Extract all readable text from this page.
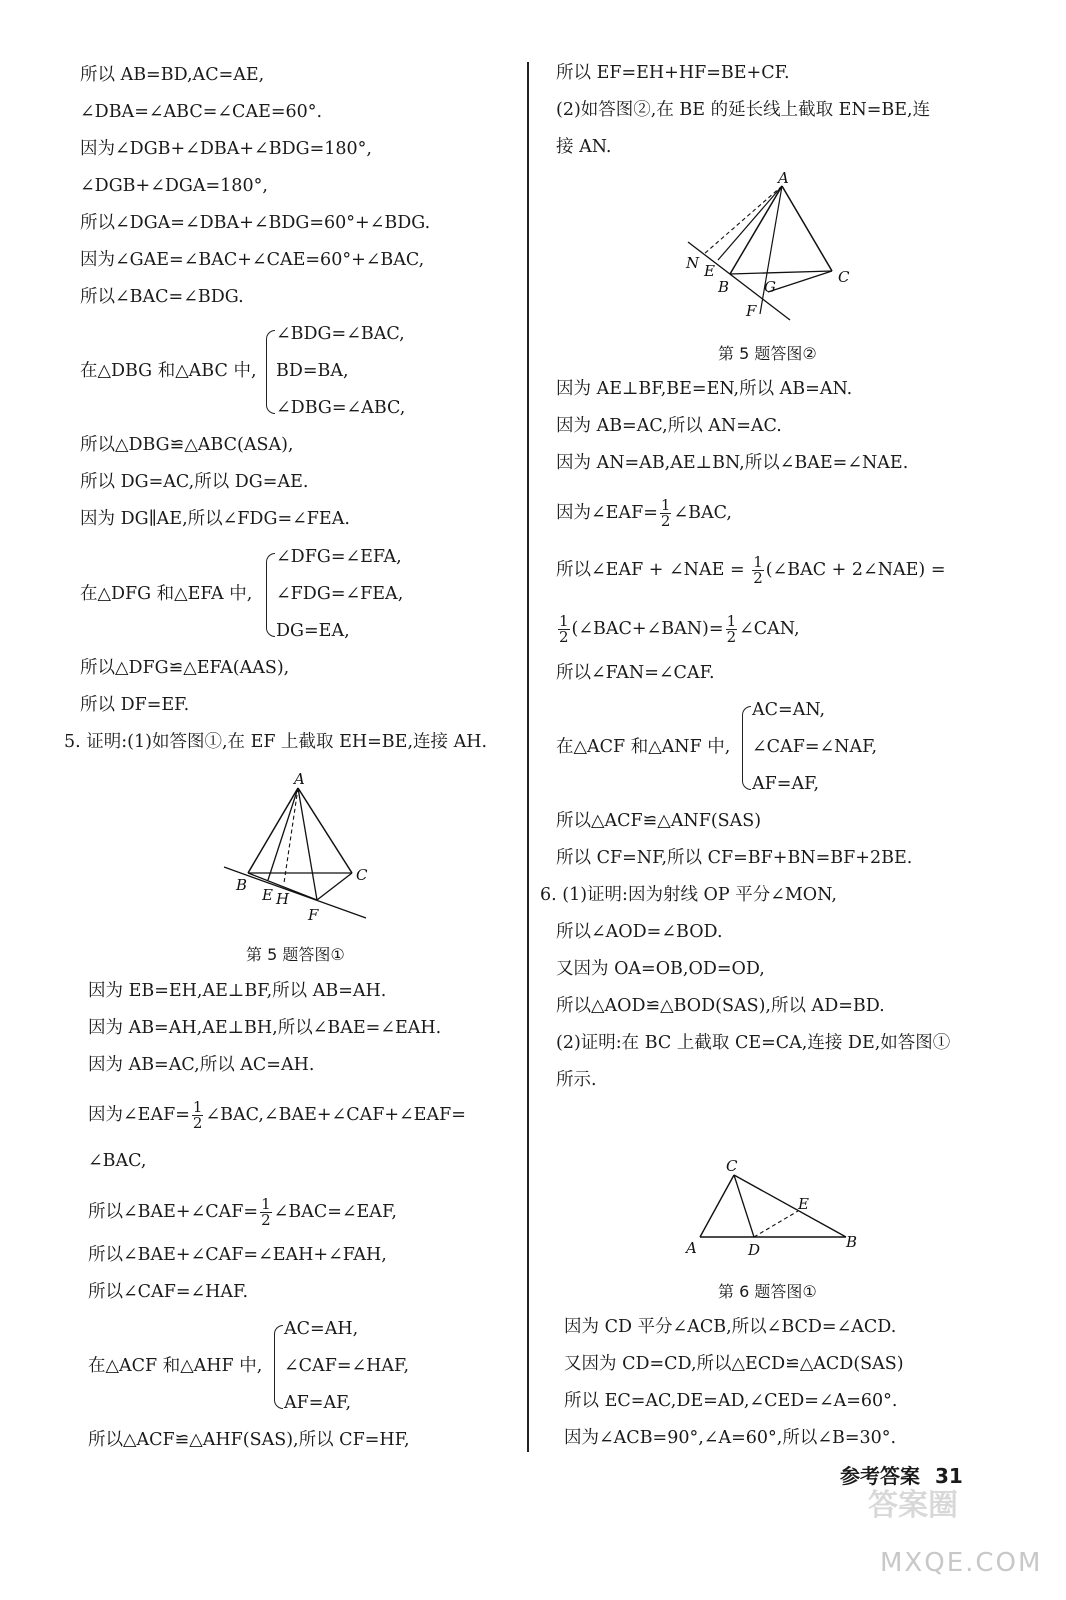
所以 AB=BD,AC=AE,
∠DBA=∠ABC=∠CAE=60°.
因为∠DGB+∠DBA+∠BDG=180°,
∠DGB+∠DGA=180°,
所以∠DGA=∠DBA+∠BDG=60°+∠BDG.
因为∠GAE=∠BAC+∠CAE=60°+∠BAC,
所以∠BAC=∠BDG.
在△DBG 和△ABC 中,
∠BDG=∠BAC,
BD=BA,
∠DBG=∠ABC,
所以△DBG≌△ABC(ASA),
所以 DG=AC,所以 DG=AE.
因为 DG∥AE,所以∠FDG=∠FEA.
在△DFG 和△EFA 中,
∠DFG=∠EFA,
∠FDG=∠FEA,
DG=EA,
所以△DFG≌△EFA(AAS),
所以 DF=EF.
5. 证明:(1)如答图①,在 EF 上截取 EH=BE,连接 AH.
A
B
E H
F
C
第 5 题答图①
因为 EB=EH,AE⊥BF,所以 AB=AH.
因为 AB=AH,AE⊥BH,所以∠BAE=∠EAH.
因为 AB=AC,所以 AC=AH.
因为∠EAF= $\frac{1}{2}$ ∠BAC,∠BAE+∠CAF+∠EAF=
∠BAC,
所以∠BAE+∠CAF= $\frac{1}{2}$ ∠BAC=∠EAF,
所以∠BAE+∠CAF=∠EAH+∠FAH,
所以∠CAF=∠HAF.
在△ACF 和△AHF 中,
AC=AH,
∠CAF=∠HAF,
AF=AF,
所以△ACF≌△AHF(SAS),所以 CF=HF,
所以 EF=EH+HF=BE+CF.
(2)如答图②,在 BE 的延长线上截取 EN=BE,连
接 AN.
A
N E
B G
C
F
第 5 题答图②
因为 AE⊥BF,BE=EN,所以 AB=AN.
因为 AB=AC,所以 AN=AC.
因为 AN=AB,AE⊥BN,所以∠BAE=∠NAE.
因为∠EAF= $\frac{1}{2}$ ∠BAC,
所以∠EAF + ∠NAE = $\frac{1}{2}$ (∠BAC + 2∠NAE) =
$\frac{1}{2}$ (∠BAC+∠BAN)= $\frac{1}{2}$ ∠CAN,
所以∠FAN=∠CAF.
在△ACF 和△ANF 中,
AC=AN,
∠CAF=∠NAF,
AF=AF,
所以△ACF≌△ANF(SAS)
所以 CF=NF,所以 CF=BF+BN=BF+2BE.
6. (1)证明:因为射线 OP 平分∠MON,
所以∠AOD=∠BOD.
又因为 OA=OB,OD=OD,
所以△AOD≌△BOD(SAS),所以 AD=BD.
(2)证明:在 BC 上截取 CE=CA,连接 DE,如答图①
所示.
C
E
A	D	B
第 6 题答图①
因为 CD 平分∠ACB,所以∠BCD=∠ACD.
又因为 CD=CD,所以△ECD≌△ACD(SAS)
所以 EC=AC,DE=AD,∠CED=∠A=60°.
因为∠ACB=90°,∠A=60°,所以∠B=30°.
参考答案 31
答案圈
MXQE.COM
